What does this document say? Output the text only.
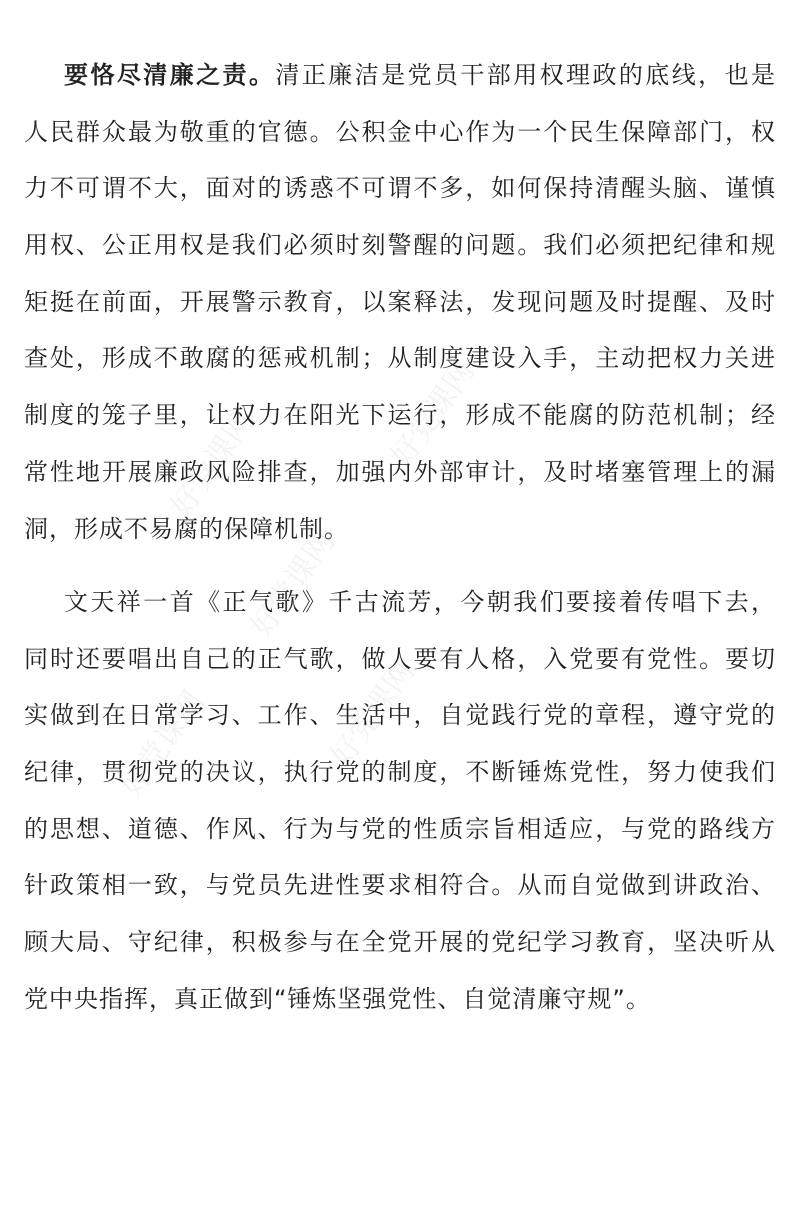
好党课网	好党课网
好党课网
好党课网	好党课网
要恪尽清廉之责。清正廉洁是党员干部用权理政的底线，也是
人民群众最为敬重的官德。公积金中心作为一个民生保障部门，权
力不可谓不大，面对的诱惑不可谓不多，如何保持清醒头脑、谨慎
用权、公正用权是我们必须时刻警醒的问题。我们必须把纪律和规
矩挺在前面，开展警示教育，以案释法，发现问题及时提醒、及时
查处，形成不敢腐的惩戒机制；从制度建设入手，主动把权力关进
制度的笼子里，让权力在阳光下运行，形成不能腐的防范机制；经
常性地开展廉政风险排查，加强内外部审计，及时堵塞管理上的漏
洞，形成不易腐的保障机制。
文天祥一首《正气歌》千古流芳，今朝我们要接着传唱下去，
同时还要唱出自己的正气歌，做人要有人格，入党要有党性。要切
实做到在日常学习、工作、生活中，自觉践行党的章程，遵守党的
纪律，贯彻党的决议，执行党的制度，不断锤炼党性，努力使我们
的思想、道德、作风、行为与党的性质宗旨相适应，与党的路线方
针政策相一致，与党员先进性要求相符合。从而自觉做到讲政治、
顾大局、守纪律，积极参与在全党开展的党纪学习教育，坚决听从
党中央指挥，真正做到“锤炼坚强党性、自觉清廉守规”。
